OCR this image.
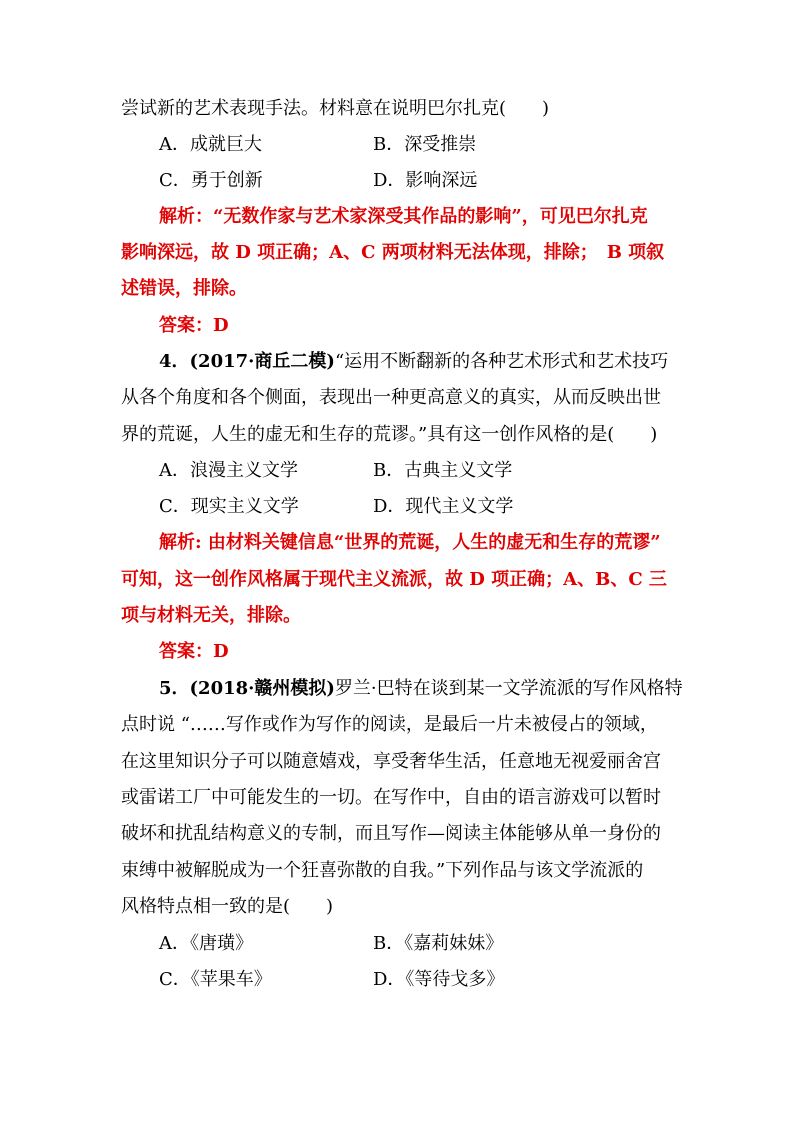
尝试新的艺术表现手法。材料意在说明巴尔扎克(　　)
A．成就巨大	B．深受推崇
C．勇于创新	D．影响深远
解析：“无数作家与艺术家深受其作品的影响”，可见巴尔扎克
影响深远，故 D 项正确；A、C 两项材料无法体现，排除；　B 项叙
述错误，排除。
答案：D
4．(2017·商丘二模)“运用不断翻新的各种艺术形式和艺术技巧
从各个角度和各个侧面，表现出一种更高意义的真实，从而反映出世
界的荒诞，人生的虚无和生存的荒谬。”具有这一创作风格的是(　　)
A．浪漫主义文学	B．古典主义文学
C．现实主义文学	D．现代主义文学
解析: 由材料关键信息“世界的荒诞，人生的虚无和生存的荒谬”
可知，这一创作风格属于现代主义流派，故 D 项正确；A、B、C 三
项与材料无关，排除。
答案：D
5．(2018·赣州模拟)罗兰·巴特在谈到某一文学流派的写作风格特
点时说 “……写作或作为写作的阅读，是最后一片未被侵占的领域，
在这里知识分子可以随意嬉戏，享受奢华生活，任意地无视爱丽舍宫
或雷诺工厂中可能发生的一切。在写作中，自由的语言游戏可以暂时
破坏和扰乱结构意义的专制，而且写作—阅读主体能够从单一身份的
束缚中被解脱成为一个狂喜弥散的自我。”下列作品与该文学流派的
风格特点相一致的是(　　)
A．《唐璜》	B．《嘉莉妹妹》
C．《苹果车》	D．《等待戈多》
